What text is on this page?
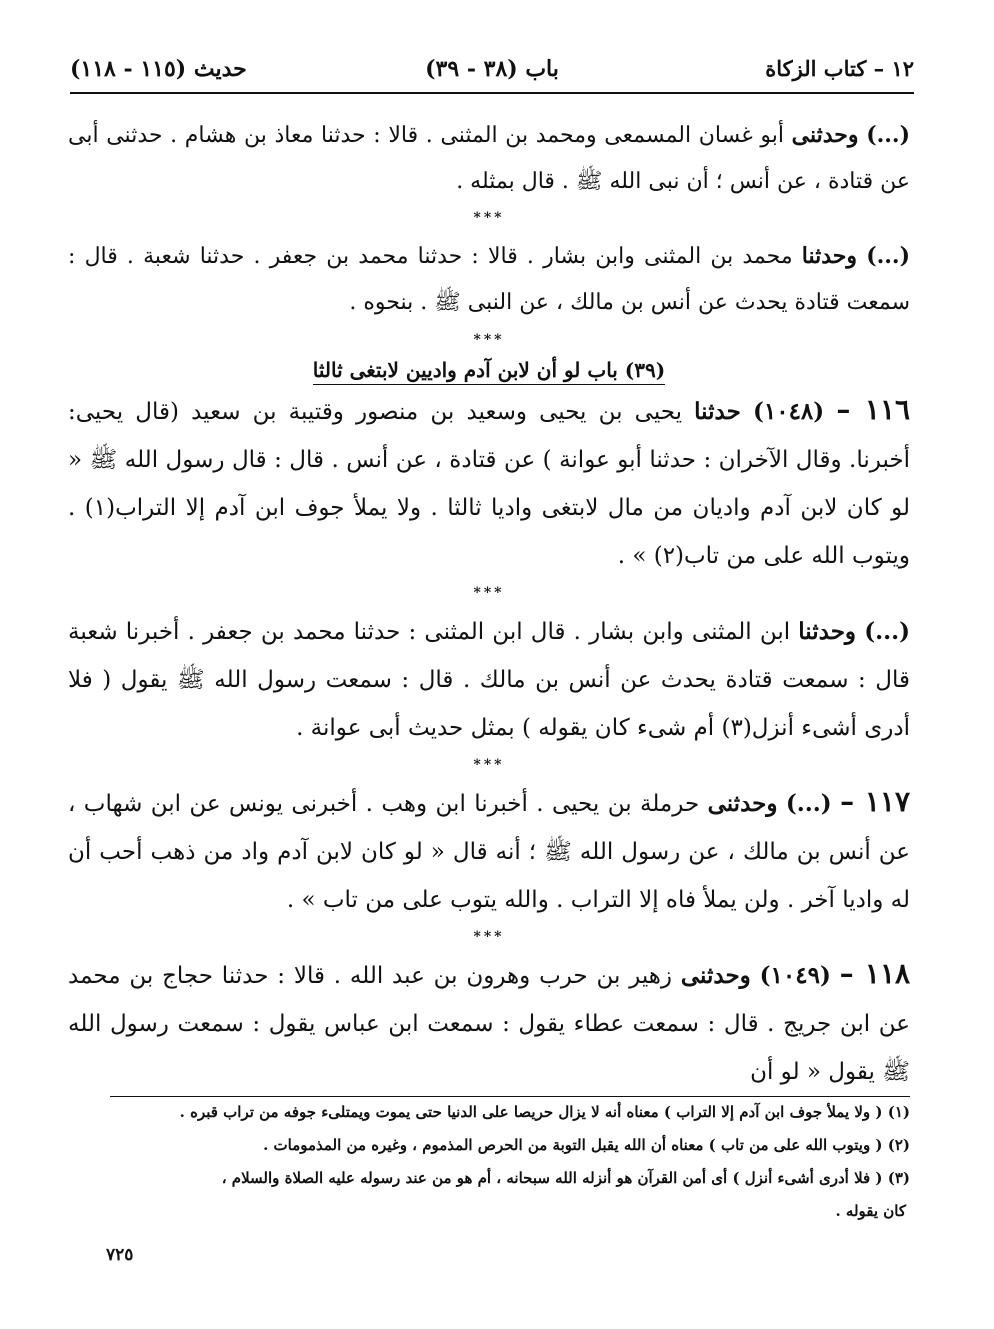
١٢ – كتاب الزكاة
باب (٣٨ - ٣٩)
حديث (١١٥ - ١١٨)

(...) وحدثنى أبو غسان المسمعى ومحمد بن المثنى . قالا : حدثنا معاذ بن هشام . حدثنى أبى عن قتادة ، عن أنس ؛ أن نبى الله ﷺ . قال بمثله .

***

(...) وحدثنا محمد بن المثنى وابن بشار . قالا : حدثنا محمد بن جعفر . حدثنا شعبة . قال : سمعت قتادة يحدث عن أنس بن مالك ، عن النبى ﷺ . بنحوه .

***
(٣٩) باب لو أن لابن آدم واديين لابتغى ثالثا

١١٦ – (١٠٤٨) حدثنا يحيى بن يحيى وسعيد بن منصور وقتيبة بن سعيد (قال يحيى: أخبرنا. وقال الآخران : حدثنا أبو عوانة ) عن قتادة ، عن أنس . قال : قال رسول الله ﷺ « لو كان لابن آدم واديان من مال لابتغى واديا ثالثا . ولا يملأ جوف ابن آدم إلا التراب(١) . ويتوب الله على من تاب(٢) » .

***

(...) وحدثنا ابن المثنى وابن بشار . قال ابن المثنى : حدثنا محمد بن جعفر . أخبرنا شعبة قال : سمعت قتادة يحدث عن أنس بن مالك . قال : سمعت رسول الله ﷺ يقول ( فلا أدرى أشىء أنزل(٣) أم شىء كان يقوله ) بمثل حديث أبى عوانة .

***

١١٧ – (...) وحدثنى حرملة بن يحيى . أخبرنا ابن وهب . أخبرنى يونس عن ابن شهاب ، عن أنس بن مالك ، عن رسول الله ﷺ ؛ أنه قال « لو كان لابن آدم واد من ذهب أحب أن له واديا آخر . ولن يملأ فاه إلا التراب . والله يتوب على من تاب » .

***

١١٨ – (١٠٤٩) وحدثنى زهير بن حرب وهرون بن عبد الله . قالا : حدثنا حجاج بن محمد عن ابن جريج . قال : سمعت عطاء يقول : سمعت ابن عباس يقول : سمعت رسول الله ﷺ يقول « لو أن

(١) ( ولا يملأ جوف ابن آدم إلا التراب ) معناه أنه لا يزال حريصا على الدنيا حتى يموت ويمتلىء جوفه من تراب قبره .

(٢) ( ويتوب الله على من تاب ) معناه أن الله يقبل التوبة من الحرص المذموم ، وغيره من المذمومات .

(٣) ( فلا أدرى أشىء أنزل ) أى أمن القرآن هو أنزله الله سبحانه ، أم هو من عند رسوله عليه الصلاة والسلام ،

كان يقوله .

٧٢٥
